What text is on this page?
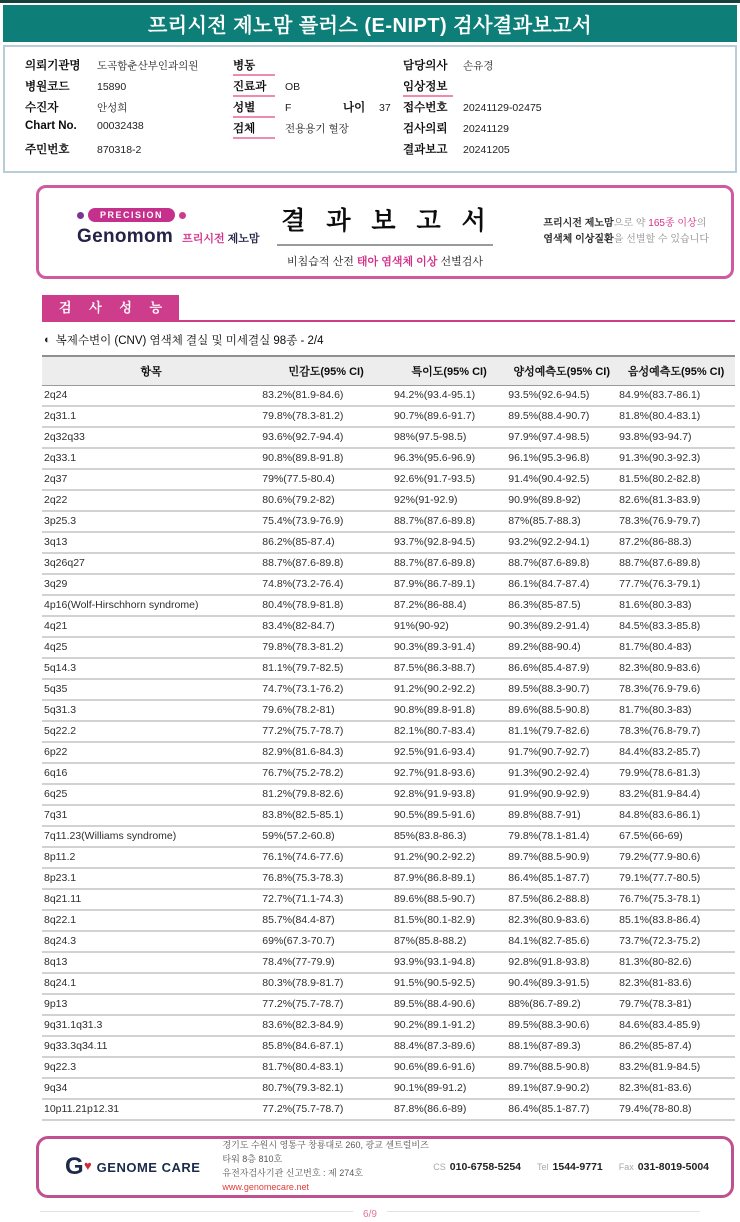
프리시전 제노맘 플러스 (E-NIPT) 검사결과보고서
의뢰기관명	도곡함춘산부인과의원
병원코드	15890
수진자	안성희
Chart No.	00032438
주민번호	870318-2
병동
진료과	OB
성별	F	나이	37
검체	전용용기 혈장
담당의사	손유경
임상정보
접수번호	20241129-02475
검사의뢰	20241129
결과보고	20241205
PRECISION
Genomom 프리시전 제노맘
결 과 보 고 서
비침습적 산전 태아 염색체 이상 선별검사
프리시전 제노맘으로 약 165종 이상의
염색체 이상질환을 선별할 수 있습니다
검 사 성 능
◐ 복제수변이 (CNV) 염색체 결실 및 미세결실 98종 - 2/4
항목	민감도(95% CI)	특이도(95% CI)	양성예측도(95% CI)	음성예측도(95% CI)
2q24	83.2%(81.9-84.6)	94.2%(93.4-95.1)	93.5%(92.6-94.5)	84.9%(83.7-86.1)
2q31.1	79.8%(78.3-81.2)	90.7%(89.6-91.7)	89.5%(88.4-90.7)	81.8%(80.4-83.1)
2q32q33	93.6%(92.7-94.4)	98%(97.5-98.5)	97.9%(97.4-98.5)	93.8%(93-94.7)
2q33.1	90.8%(89.8-91.8)	96.3%(95.6-96.9)	96.1%(95.3-96.8)	91.3%(90.3-92.3)
2q37	79%(77.5-80.4)	92.6%(91.7-93.5)	91.4%(90.4-92.5)	81.5%(80.2-82.8)
2q22	80.6%(79.2-82)	92%(91-92.9)	90.9%(89.8-92)	82.6%(81.3-83.9)
3p25.3	75.4%(73.9-76.9)	88.7%(87.6-89.8)	87%(85.7-88.3)	78.3%(76.9-79.7)
3q13	86.2%(85-87.4)	93.7%(92.8-94.5)	93.2%(92.2-94.1)	87.2%(86-88.3)
3q26q27	88.7%(87.6-89.8)	88.7%(87.6-89.8)	88.7%(87.6-89.8)	88.7%(87.6-89.8)
3q29	74.8%(73.2-76.4)	87.9%(86.7-89.1)	86.1%(84.7-87.4)	77.7%(76.3-79.1)
4p16(Wolf-Hirschhorn syndrome)	80.4%(78.9-81.8)	87.2%(86-88.4)	86.3%(85-87.5)	81.6%(80.3-83)
4q21	83.4%(82-84.7)	91%(90-92)	90.3%(89.2-91.4)	84.5%(83.3-85.8)
4q25	79.8%(78.3-81.2)	90.3%(89.3-91.4)	89.2%(88-90.4)	81.7%(80.4-83)
5q14.3	81.1%(79.7-82.5)	87.5%(86.3-88.7)	86.6%(85.4-87.9)	82.3%(80.9-83.6)
5q35	74.7%(73.1-76.2)	91.2%(90.2-92.2)	89.5%(88.3-90.7)	78.3%(76.9-79.6)
5q31.3	79.6%(78.2-81)	90.8%(89.8-91.8)	89.6%(88.5-90.8)	81.7%(80.3-83)
5q22.2	77.2%(75.7-78.7)	82.1%(80.7-83.4)	81.1%(79.7-82.6)	78.3%(76.8-79.7)
6p22	82.9%(81.6-84.3)	92.5%(91.6-93.4)	91.7%(90.7-92.7)	84.4%(83.2-85.7)
6q16	76.7%(75.2-78.2)	92.7%(91.8-93.6)	91.3%(90.2-92.4)	79.9%(78.6-81.3)
6q25	81.2%(79.8-82.6)	92.8%(91.9-93.8)	91.9%(90.9-92.9)	83.2%(81.9-84.4)
7q31	83.8%(82.5-85.1)	90.5%(89.5-91.6)	89.8%(88.7-91)	84.8%(83.6-86.1)
7q11.23(Williams syndrome)	59%(57.2-60.8)	85%(83.8-86.3)	79.8%(78.1-81.4)	67.5%(66-69)
8p11.2	76.1%(74.6-77.6)	91.2%(90.2-92.2)	89.7%(88.5-90.9)	79.2%(77.9-80.6)
8p23.1	76.8%(75.3-78.3)	87.9%(86.8-89.1)	86.4%(85.1-87.7)	79.1%(77.7-80.5)
8q21.11	72.7%(71.1-74.3)	89.6%(88.5-90.7)	87.5%(86.2-88.8)	76.7%(75.3-78.1)
8q22.1	85.7%(84.4-87)	81.5%(80.1-82.9)	82.3%(80.9-83.6)	85.1%(83.8-86.4)
8q24.3	69%(67.3-70.7)	87%(85.8-88.2)	84.1%(82.7-85.6)	73.7%(72.3-75.2)
8q13	78.4%(77-79.9)	93.9%(93.1-94.8)	92.8%(91.8-93.8)	81.3%(80-82.6)
8q24.1	80.3%(78.9-81.7)	91.5%(90.5-92.5)	90.4%(89.3-91.5)	82.3%(81-83.6)
9p13	77.2%(75.7-78.7)	89.5%(88.4-90.6)	88%(86.7-89.2)	79.7%(78.3-81)
9q31.1q31.3	83.6%(82.3-84.9)	90.2%(89.1-91.2)	89.5%(88.3-90.6)	84.6%(83.4-85.9)
9q33.3q34.11	85.8%(84.6-87.1)	88.4%(87.3-89.6)	88.1%(87-89.3)	86.2%(85-87.4)
9q22.3	81.7%(80.4-83.1)	90.6%(89.6-91.6)	89.7%(88.5-90.8)	83.2%(81.9-84.5)
9q34	80.7%(79.3-82.1)	90.1%(89-91.2)	89.1%(87.9-90.2)	82.3%(81-83.6)
10p11.21p12.31	77.2%(75.7-78.7)	87.8%(86.6-89)	86.4%(85.1-87.7)	79.4%(78-80.8)
G ♥ GENOME CARE
경기도 수원시 영통구 창룡대로 260, 광교 센트럴비즈타워 8층 810호
유전자검사기관 신고번호 : 제 274호
www.genomecare.net
CS 010-6758-5254 Tel 1544-9771 Fax 031-8019-5004
6/9
